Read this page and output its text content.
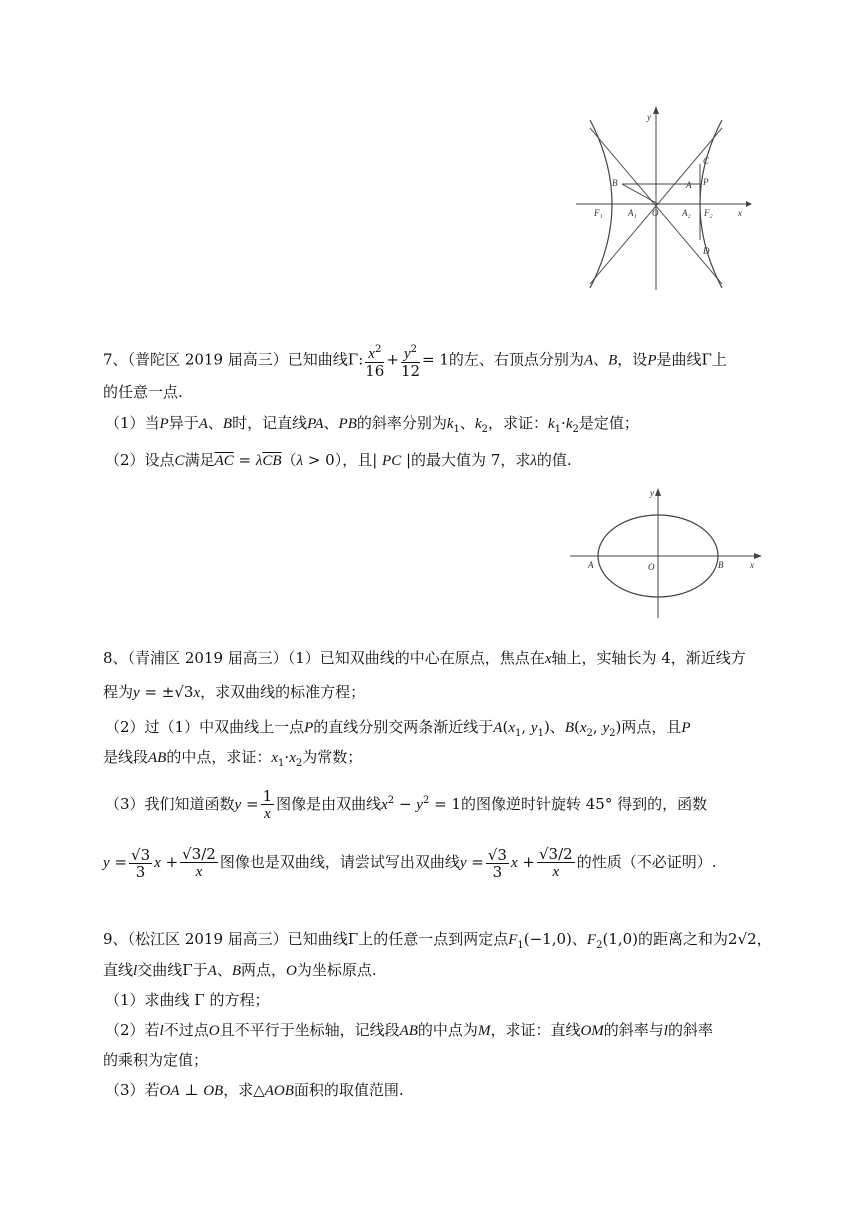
y
x
C
B	A P
F₁	A₁ O	A₂ F₂
D
7、（普陀区 2019 届高三）已知曲线Γ: $\frac{x^2}{16} + \frac{y^2}{12} = 1$的左、右顶点分别为A、B，设P是曲线Γ上
的任意一点.
（1）当P异于A、B时，记直线PA、PB的斜率分别为$k_1$、$k_2$，求证：$k_1\cdot k_2$是定值；
（2）设点C满足$\overline{AC} = \lambda\overline{CB}(\lambda > 0)$，且| PC |的最大值为 7，求λ的值.
y
x
A	O	B
8、（青浦区 2019 届高三）（1）已知双曲线的中心在原点，焦点在x轴上，实轴长为 4，渐近线方
程为y = ±√3x，求双曲线的标准方程；
（2）过（1）中双曲线上一点P的直线分别交两条渐近线于$A(x_1$, $y_1$)、$B(x_2$, $y_2$)两点，且P
是线段AB的中点，求证：$x_1\cdot x_2$为常数；
（3）我们知道函数$y = \frac{1}{x}$ 图像是由双曲线$x^2 - y^2 = 1$的图像逆时针旋转 45° 得到的，函数
$y = \frac{√3}{3}$ $x + \frac{√3/2}{x}$ 图像也是双曲线，请尝试写出双曲线$y = \frac{√3}{3}$ $x + \frac{√3/2}{x}$ 的性质（不必证明）.
9、（松江区 2019 届高三）已知曲线Γ上的任意一点到两定点$F_1(-1,0)$、$F_2(1,0)$的距离之和为2√2，
直线l交曲线Γ于A、B两点，O为坐标原点.
（1）求曲线 Γ 的方程；
（2）若l不过点O且不平行于坐标轴，记线段AB的中点为M，求证：直线OM的斜率与l的斜率
的乘积为定值；
（3）若OA ⊥ OB，求△AOB面积的取值范围.
